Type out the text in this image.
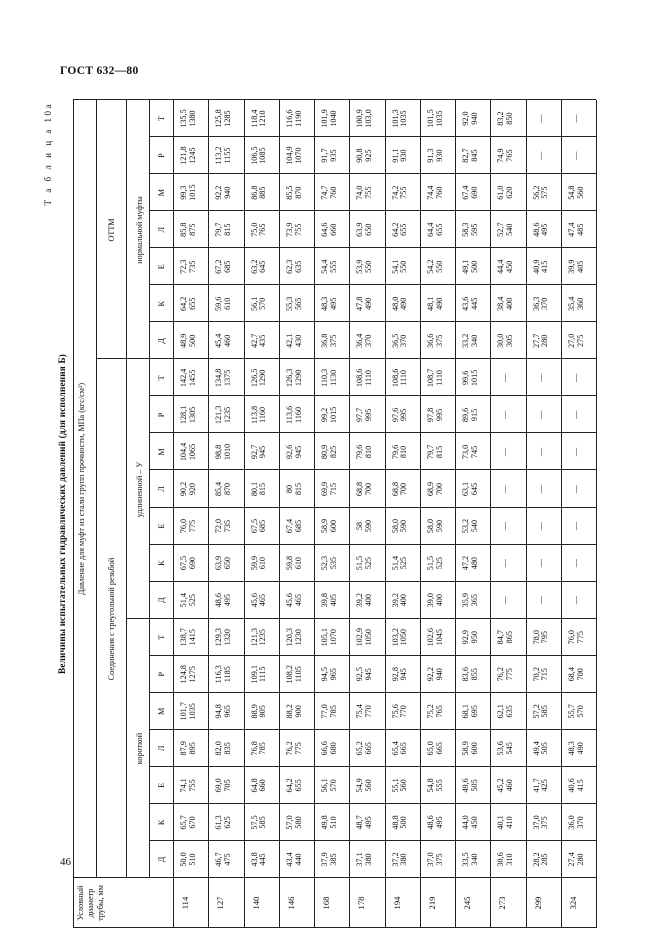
ГОСТ 632—80
46
Т а б л и ц а 10а
Величины испытательных гидравлических давлений (для исполнения Б)
Условный диаметр трубы, мм
Давление для муфт из стали групп прочности, МПа (кгс/см²)
Соединения с треугольной резьбой
короткой
удлиненной – У
ОТТМ нормальной муфты
Д
К
Е
Л
М
Р
Т
Д
К
Е
Л
М
Р
Т
Д
К
Е
Л
М
Р
Т
114
50,0 510
65,7 670
74,1 755
87,9 895
101,7 1035
124,8 1275
138,7 1415
51,4 525
67,5 690
76,0 775
90,2 920
104,4 1065
128,1 1305
142,4 1455
48,9 500
64,2 655
72,3 735
85,8 875
99,3 1015
121,8 1245
135,5 1380
127
46,7 475
61,3 625
69,0 705
82,0 835
94,8 965
116,3 1185
129,3 1320
48,6 495
63,9 650
72,0 735
85,4 870
98,8 1010
121,3 1235
134,8 1375
45,4 460
59,6 610
67,2 685
79,7 815
92,2 940
113,2 1155
125,8 1285
140
43,8 445
57,5 585
64,8 660
76,8 785
88,9 905
109,1 1115
121,3 1235
45,6 465
59,9 610
67,5 685
80,1 815
92,7 945
113,8 1160
126,5 1290
42,7 435
56,1 570
63,2 645
75,0 765
86,8 885
106,5 1085
118,4 1210
146
43,4 440
57,0 580
64,2 655
76,2 775
88,2 900
108,2 1105
120,3 1230
45,6 465
59,8 610
67,4 685
80 815
92,6 945
113,6 1160
126,3 1290
42,1 430
55,3 565
62,3 635
73,9 755
85,5 870
104,9 1070
116,6 1190
168
37,9 385
49,8 510
56,1 570
66,6 680
77,0 785
94,5 965
105,1 1070
39,8 405
52,3 535
58,9 600
69,9 715
80,9 825
99,2 1015
110,3 1130
36,8 375
48,3 495
54,4 555
64,6 660
74,7 760
91,7 935
101,9 1040
178
37,1 380
48,7 495
54,9 560
65,2 665
75,4 770
92,5 945
102,9 1050
39,2 400
51,5 525
58 590
68,8 700
79,6 810
97,7 995
108,6 1110
36,4 370
47,8 490
53,9 550
63,9 650
74,0 755
90,8 925
100,9 103,0
194
37,2 380
48,8 500
55,1 560
65,4 665
75,6 770
92,8 945
103,2 1050
39,2 400
51,4 525
58,0 590
68,8 700
79,6 810
97,6 995
108,6 1110
36,5 370
48,0 490
54,1 550
64,2 655
74,2 755
91,1 930
101,3 1035
219
37,0 375
48,6 495
54,8 555
65,0 665
75,2 765
92,2 940
102,6 1045
39,0 400
51,5 525
58,0 590
68,9 700
79,7 815
97,8 995
108,7 1110
36,6 375
48,1 490
54,2 550
64,4 655
74,4 760
91,3 930
101,5 1035
245
33,5 340
44,0 450
49,6 505
58,9 600
68,1 695
83,6 855
92,9 950
35,9 365
47,2 480
53,2 540
63,1 645
73,0 745
89,6 915
99,6 1015
33,2 340
43,6 445
49,1 500
58,3 595
67,4 690
82,7 845
92,0 940
273
30,6 310
40,1 410
45,2 460
53,6 545
62,1 635
76,2 775
84,7 865
—
—
—
—
—
—
—
30,0 305
38,4 400
44,4 450
52,7 540
61,0 620
74,9 765
83,2 850
299
28,2 285
37,0 375
41,7 425
49,4 505
57,2 585
70,2 715
78,0 795
—
—
—
—
—
—
—
27,7 280
36,3 370
40,9 415
48,6 495
56,2 575
—
—
324
27,4 280
36,0 370
40,6 415
48,3 490
55,7 570
68,4 700
76,0 775
—
—
—
—
—
—
—
27,0 275
35,4 360
39,9 405
47,4 485
54,8 560
—
—
